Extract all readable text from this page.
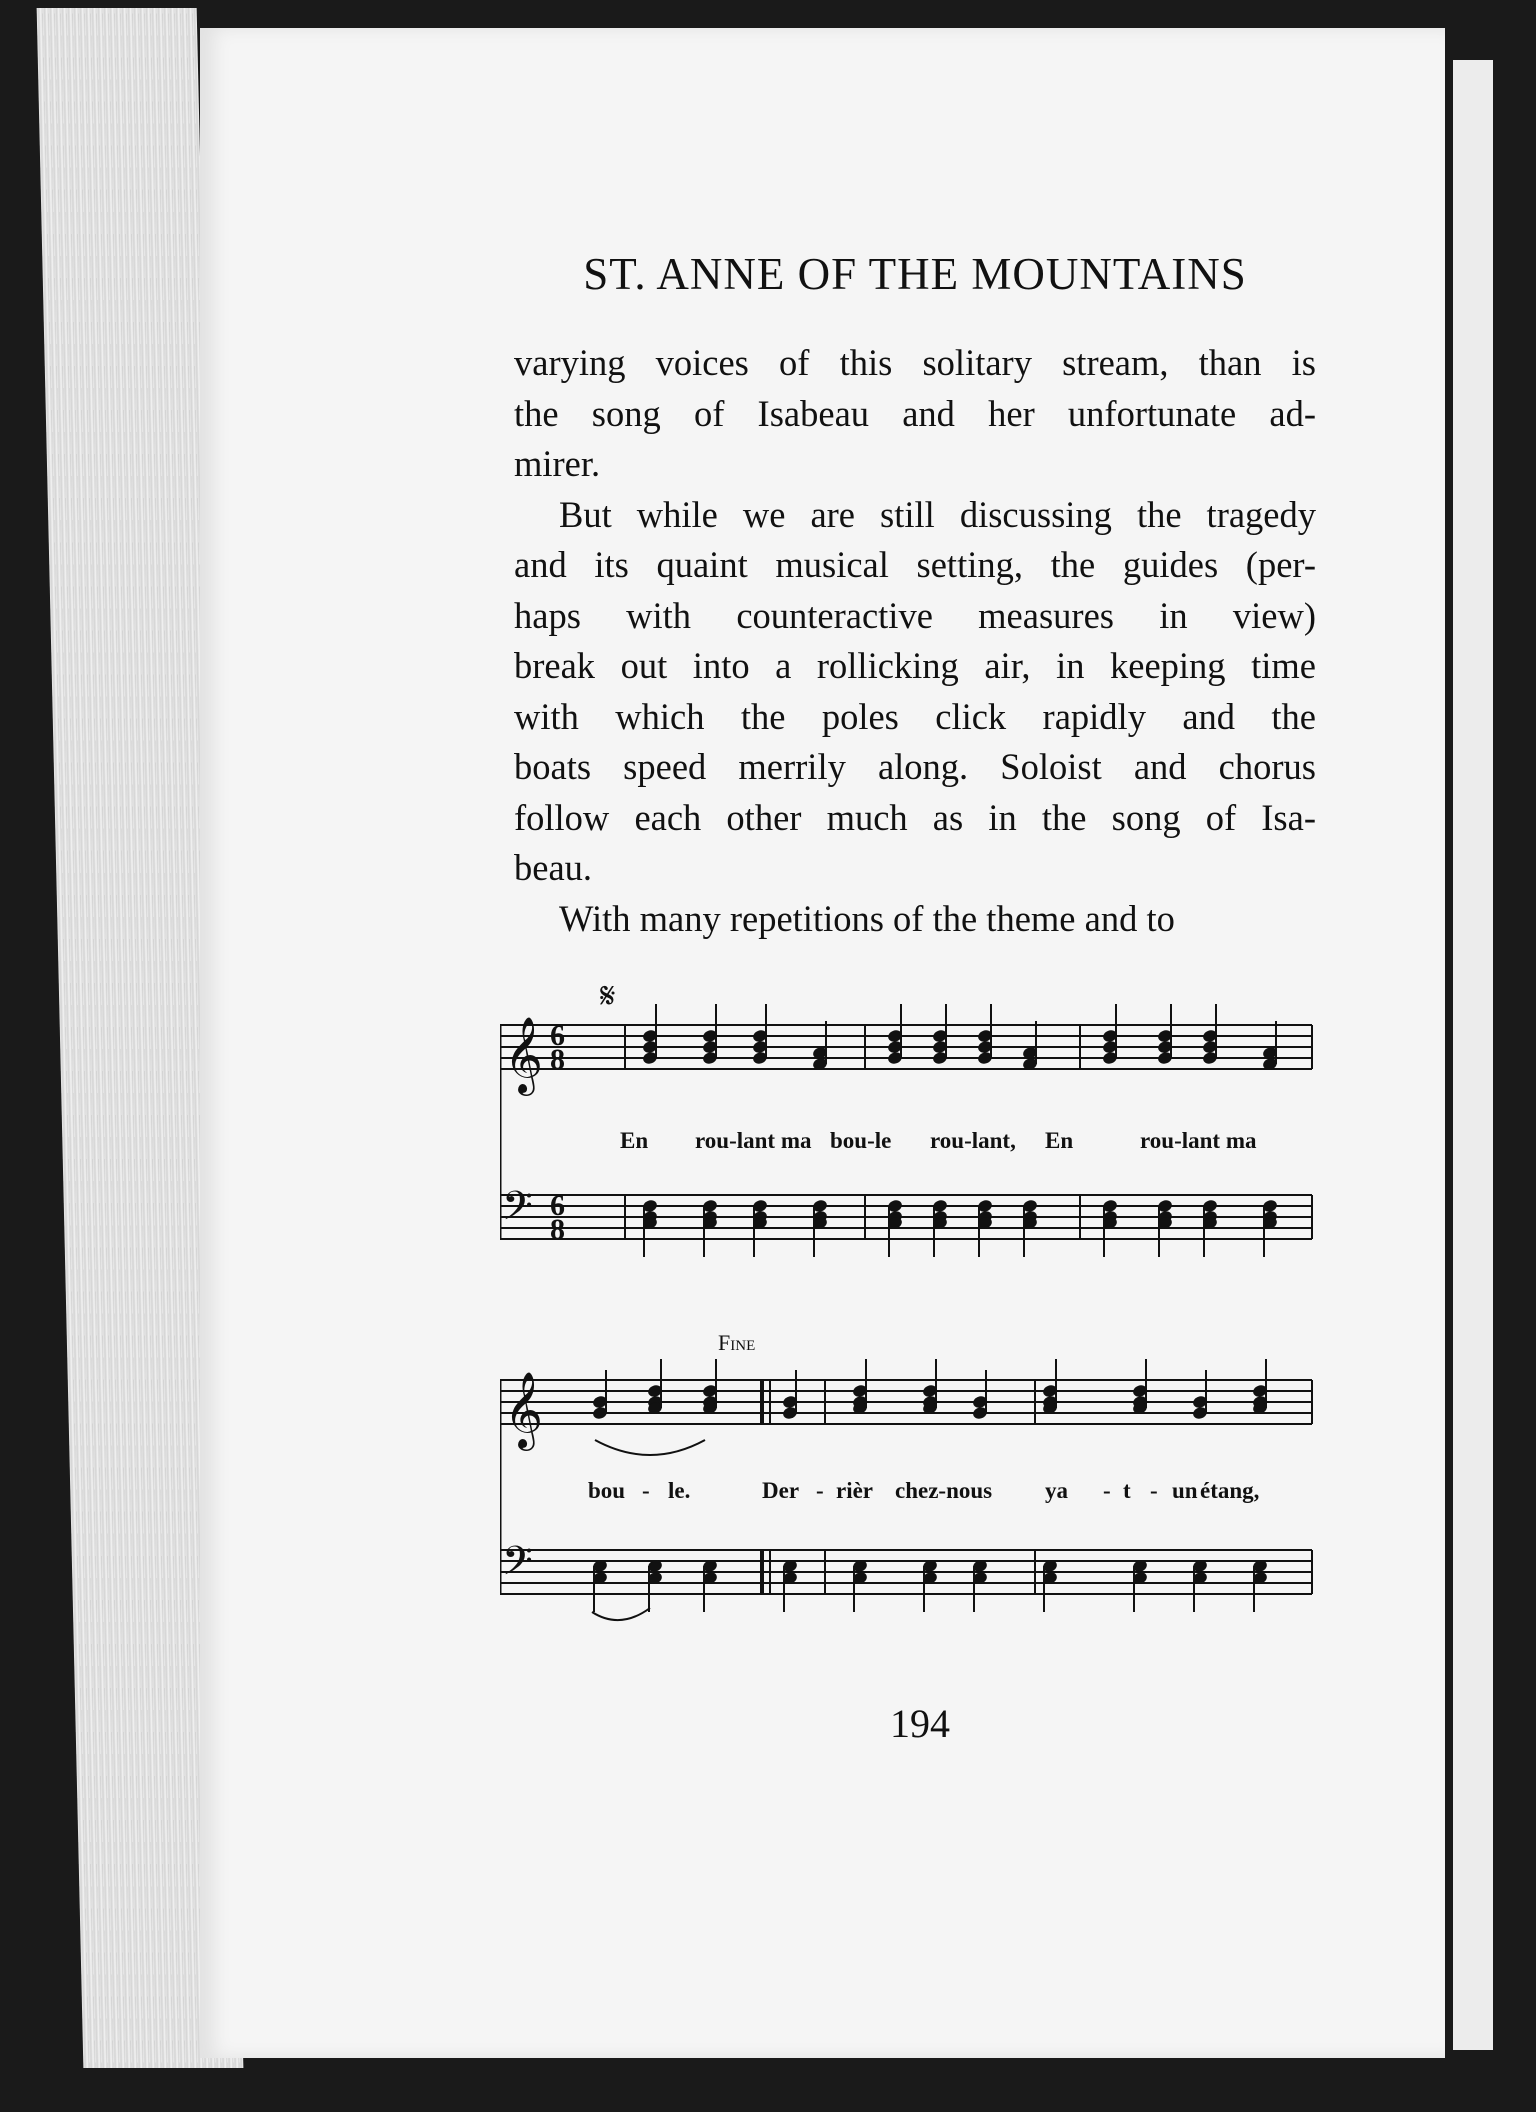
ST. ANNE OF THE MOUNTAINS
varying voices of this solitary stream, than is
the song of Isabeau and her unfortunate ad-
mirer.
But while we are still discussing the tragedy
and its quaint musical setting, the guides (per-
haps with counteractive measures in view)
break out into a rollicking air, in keeping time
with which the poles click rapidly and the
boats speed merrily along. Soloist and chorus
follow each other much as in the song of Isa-
beau.
With many repetitions of the theme and to
𝄋
Fine
6
8
6
8
𝄞
𝄞
𝄢
𝄢
En rou-lant ma bou-le rou-lant, En	rou-lant ma
bou - le.	Der - rièr chez-nous ya - t - un étang,
194
